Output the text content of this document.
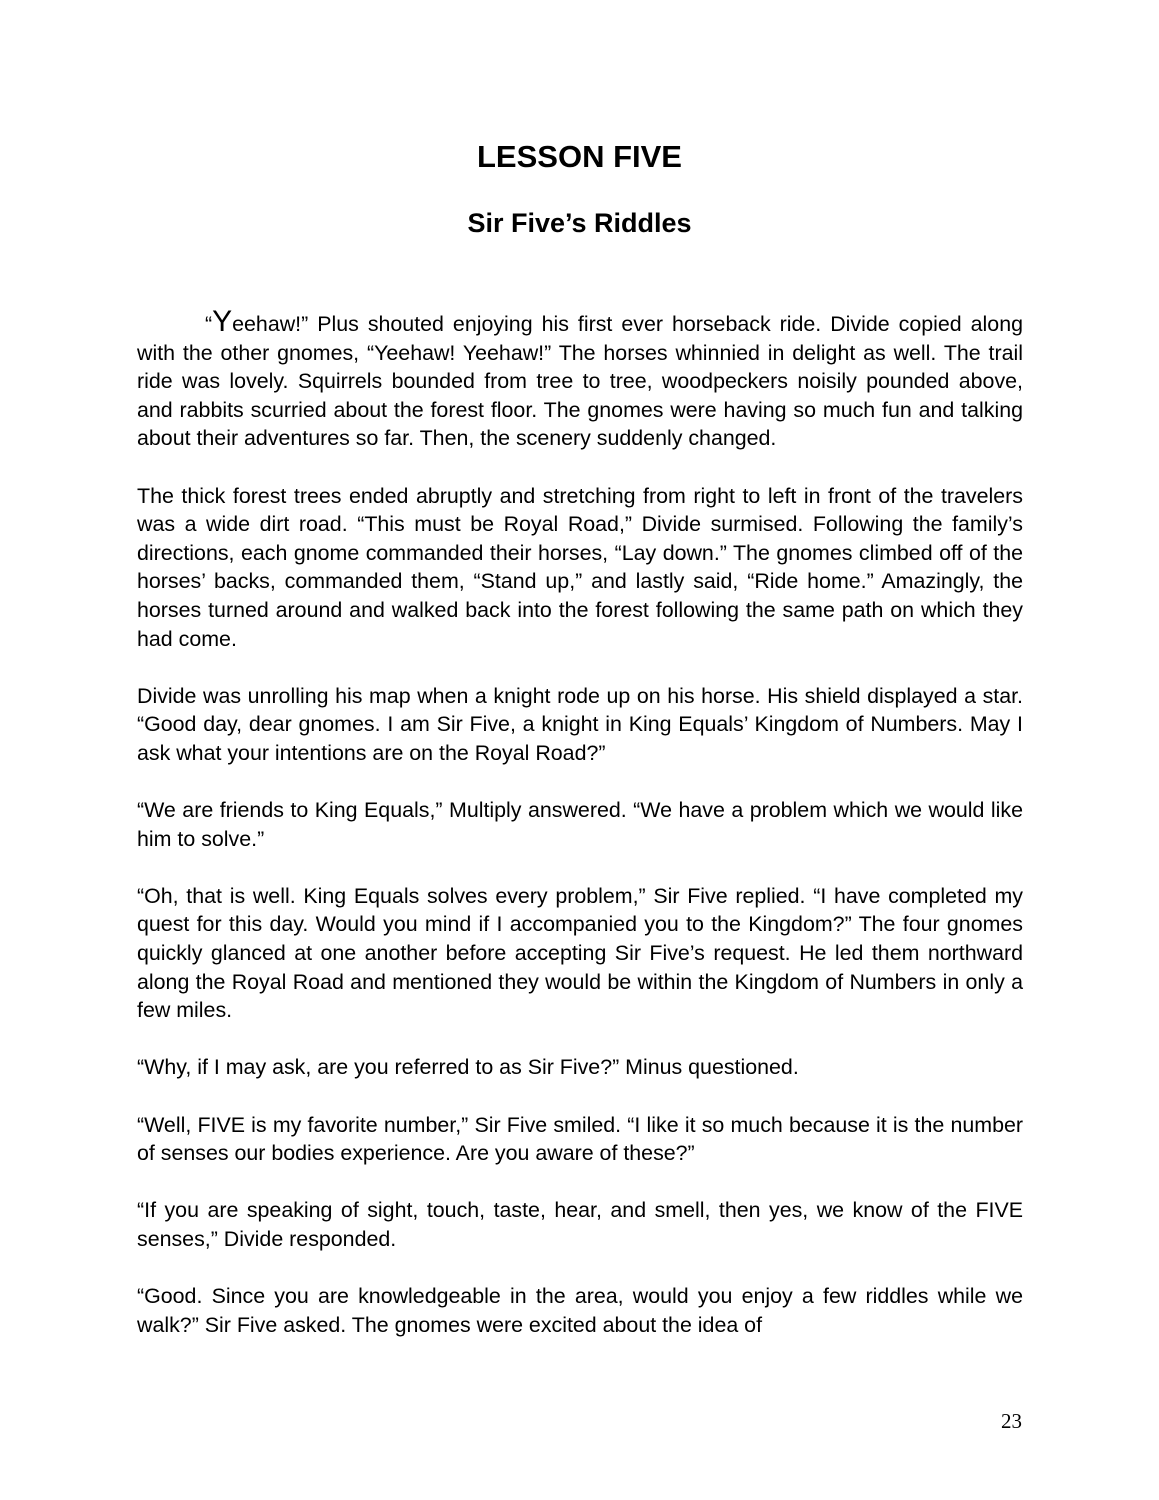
LESSON FIVE
Sir Five’s Riddles

“Yeehaw!” Plus shouted enjoying his first ever horseback ride. Divide copied along with the other gnomes, “Yeehaw! Yeehaw!” The horses whinnied in delight as well. The trail ride was lovely. Squirrels bounded from tree to tree, woodpeckers noisily pounded above, and rabbits scurried about the forest floor. The gnomes were having so much fun and talking about their adventures so far. Then, the scenery suddenly changed.

The thick forest trees ended abruptly and stretching from right to left in front of the travelers was a wide dirt road. “This must be Royal Road,” Divide surmised. Following the family’s directions, each gnome commanded their horses, “Lay down.” The gnomes climbed off of the horses’ backs, commanded them, “Stand up,” and lastly said, “Ride home.” Amazingly, the horses turned around and walked back into the forest following the same path on which they had come.

Divide was unrolling his map when a knight rode up on his horse. His shield displayed a star. “Good day, dear gnomes. I am Sir Five, a knight in King Equals’ Kingdom of Numbers. May I ask what your intentions are on the Royal Road?”

“We are friends to King Equals,” Multiply answered. “We have a problem which we would like him to solve.”

“Oh, that is well. King Equals solves every problem,” Sir Five replied. “I have completed my quest for this day. Would you mind if I accompanied you to the Kingdom?” The four gnomes quickly glanced at one another before accepting Sir Five’s request. He led them northward along the Royal Road and mentioned they would be within the Kingdom of Numbers in only a few miles.

“Why, if I may ask, are you referred to as Sir Five?” Minus questioned.

“Well, FIVE is my favorite number,” Sir Five smiled. “I like it so much because it is the number of senses our bodies experience. Are you aware of these?”

“If you are speaking of sight, touch, taste, hear, and smell, then yes, we know of the FIVE senses,” Divide responded.

“Good. Since you are knowledgeable in the area, would you enjoy a few riddles while we walk?” Sir Five asked. The gnomes were excited about the idea of

23
